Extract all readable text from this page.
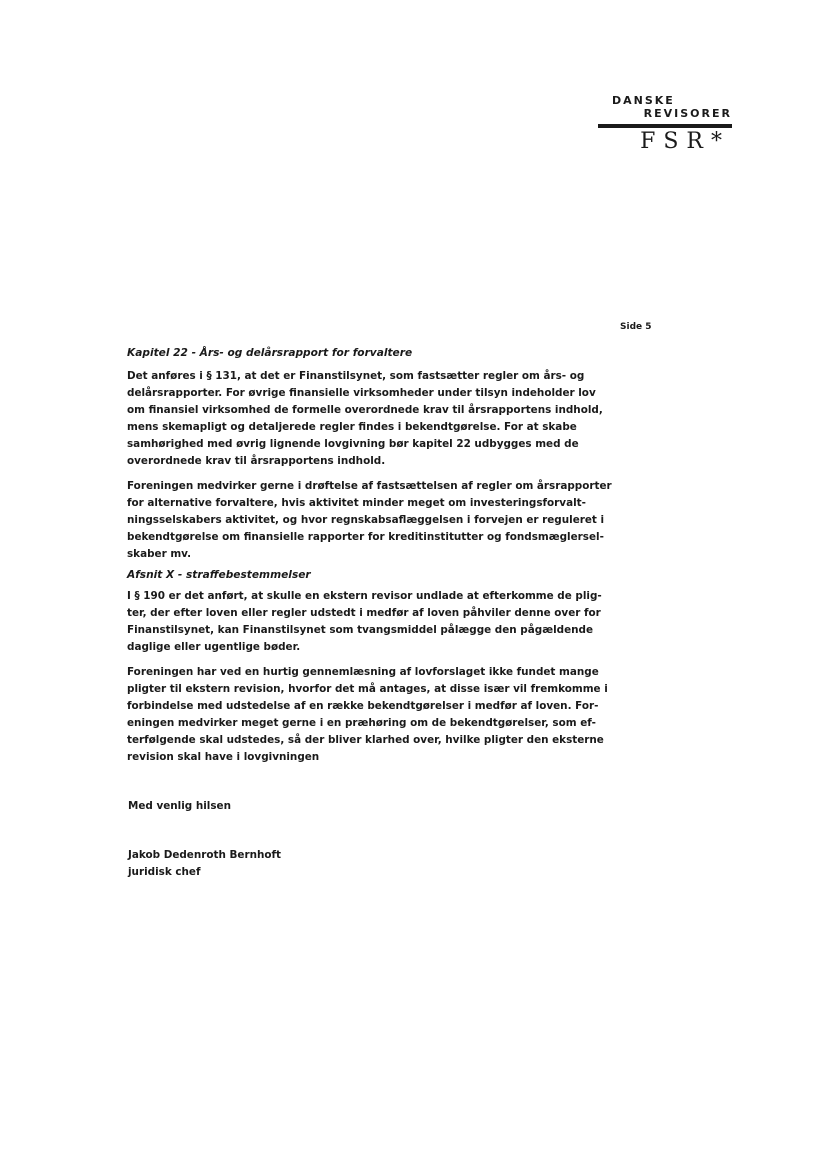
DANSKE
REVISORER
FSR*
Side 5
Kapitel 22 - Års- og delårsrapport for forvaltere
Det anføres i § 131, at det er Finanstilsynet, som fastsætter regler om års- og
delårsrapporter. For øvrige finansielle virksomheder under tilsyn indeholder lov
om finansiel virksomhed de formelle overordnede krav til årsrapportens indhold,
mens skemapligt og detaljerede regler findes i bekendtgørelse. For at skabe
samhørighed med øvrig lignende lovgivning bør kapitel 22 udbygges med de
overordnede krav til årsrapportens indhold.
Foreningen medvirker gerne i drøftelse af fastsættelsen af regler om årsrapporter
for alternative forvaltere, hvis aktivitet minder meget om investeringsforvalt-
ningsselskabers aktivitet, og hvor regnskabsaflæggelsen i forvejen er reguleret i
bekendtgørelse om finansielle rapporter for kreditinstitutter og fondsmæglersel-
skaber mv.
Afsnit X - straffebestemmelser
I § 190 er det anført, at skulle en ekstern revisor undlade at efterkomme de plig-
ter, der efter loven eller regler udstedt i medfør af loven påhviler denne over for
Finanstilsynet, kan Finanstilsynet som tvangsmiddel pålægge den pågældende
daglige eller ugentlige bøder.
Foreningen har ved en hurtig gennemlæsning af lovforslaget ikke fundet mange
pligter til ekstern revision, hvorfor det må antages, at disse især vil fremkomme i
forbindelse med udstedelse af en række bekendtgørelser i medfør af loven. For-
eningen medvirker meget gerne i en præhøring om de bekendtgørelser, som ef-
terfølgende skal udstedes, så der bliver klarhed over, hvilke pligter den eksterne
revision skal have i lovgivningen
Med venlig hilsen
Jakob Dedenroth Bernhoft
juridisk chef
